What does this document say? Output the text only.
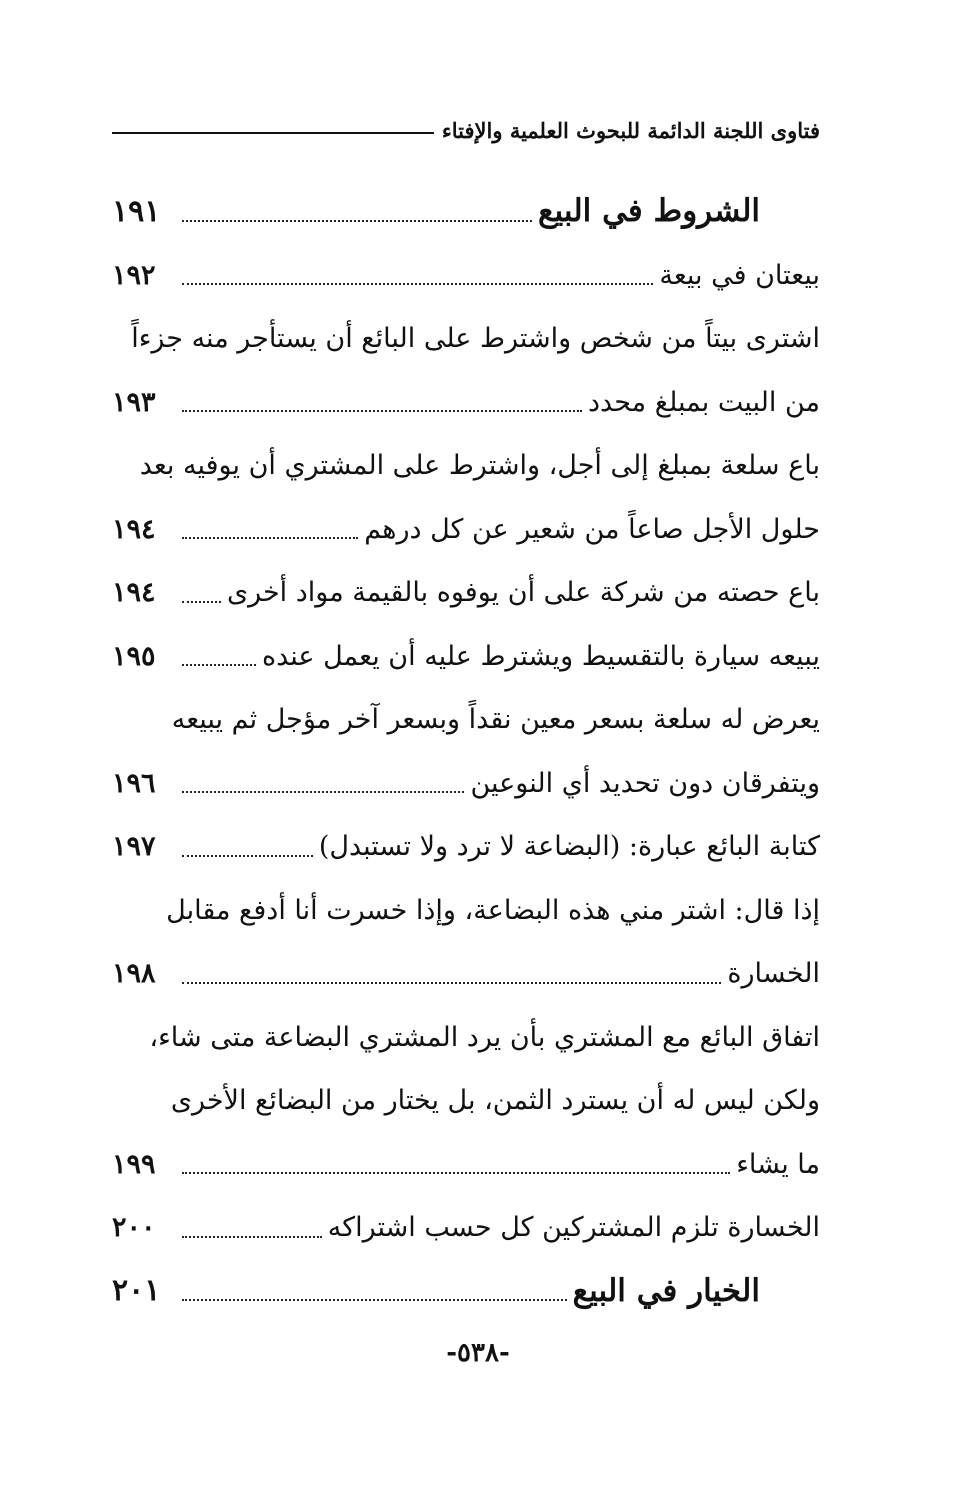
فتاوى اللجنة الدائمة للبحوث العلمية والإفتاء
الشروط في البيع
١٩١
بيعتان في بيعة
١٩٢
اشترى بيتاً من شخص واشترط على البائع أن يستأجر منه جزءاً
من البيت بمبلغ محدد
١٩٣
باع سلعة بمبلغ إلى أجل، واشترط على المشتري أن يوفيه بعد
حلول الأجل صاعاً من شعير عن كل درهم
١٩٤
باع حصته من شركة على أن يوفوه بالقيمة مواد أخرى
١٩٤
يبيعه سيارة بالتقسيط ويشترط عليه أن يعمل عنده
١٩٥
يعرض له سلعة بسعر معين نقداً وبسعر آخر مؤجل ثم يبيعه
ويتفرقان دون تحديد أي النوعين
١٩٦
كتابة البائع عبارة: (البضاعة لا ترد ولا تستبدل)
١٩٧
إذا قال: اشتر مني هذه البضاعة، وإذا خسرت أنا أدفع مقابل
الخسارة
١٩٨
اتفاق البائع مع المشتري بأن يرد المشتري البضاعة متى شاء،
ولكن ليس له أن يسترد الثمن، بل يختار من البضائع الأخرى
ما يشاء
١٩٩
الخسارة تلزم المشتركين كل حسب اشتراكه
٢٠٠
الخيار في البيع
٢٠١
-٥٣٨-
